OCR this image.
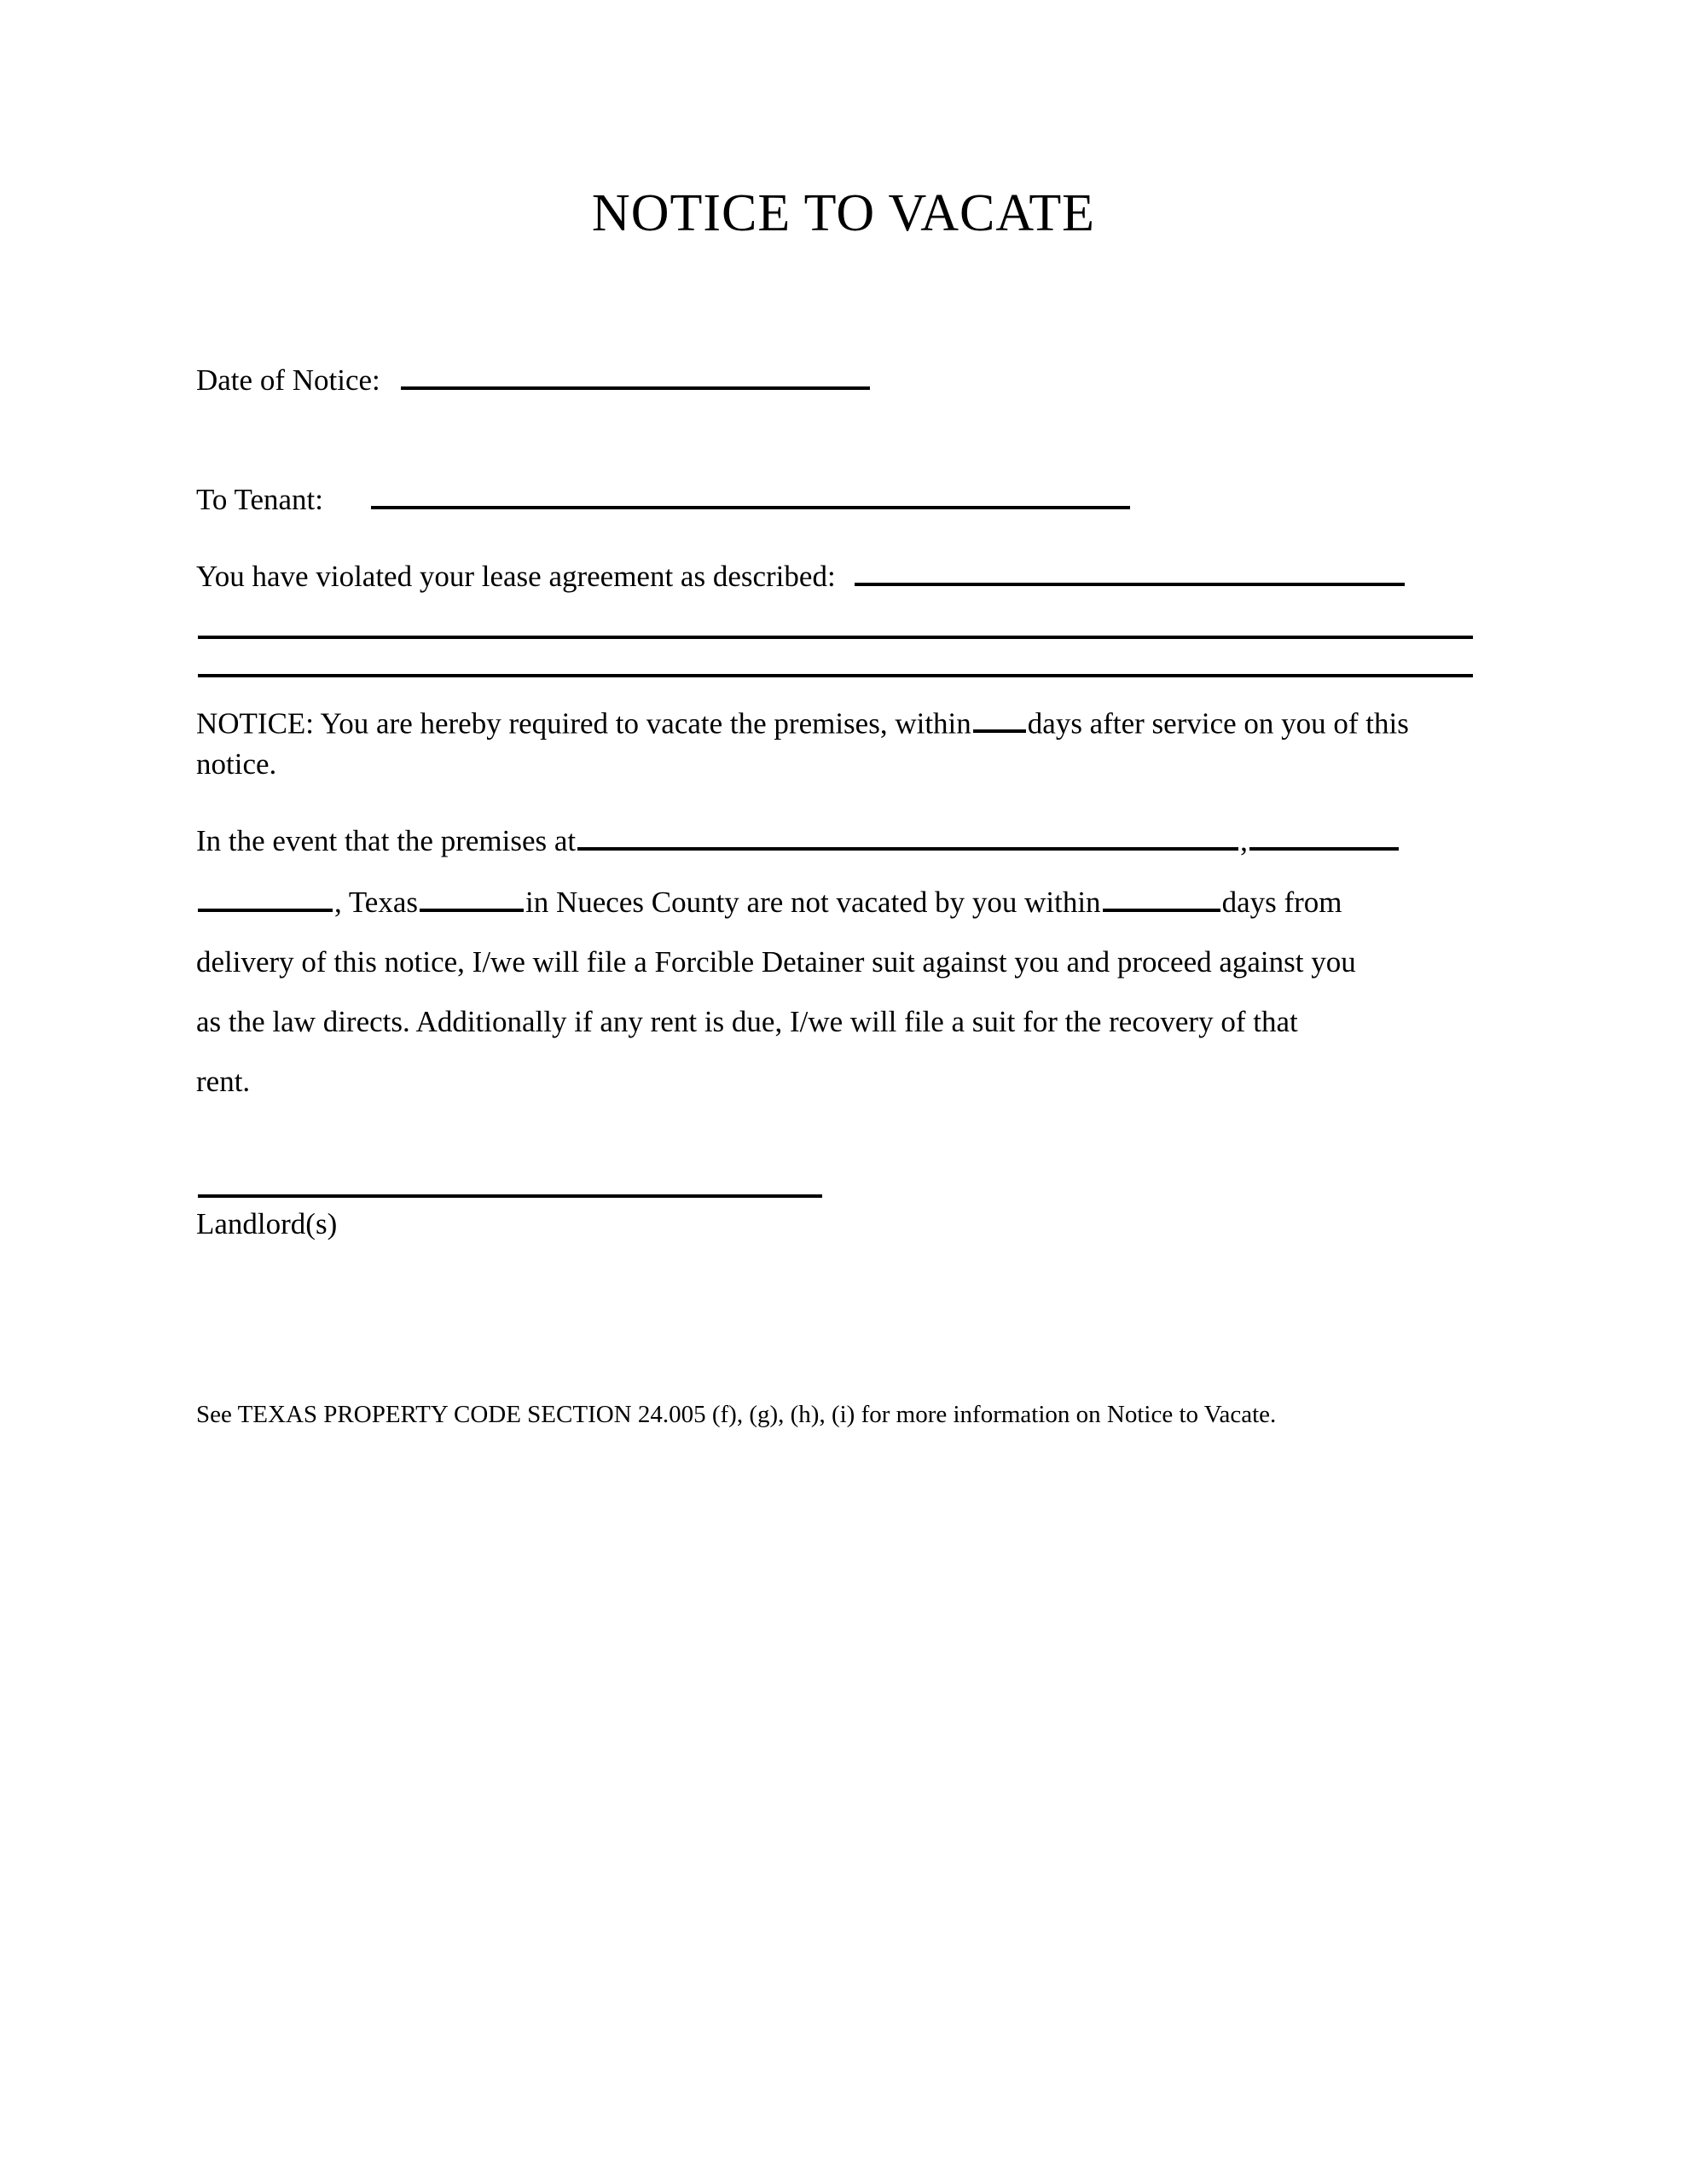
NOTICE TO VACATE
Date of Notice:
To Tenant:
You have violated your lease agreement as described:
NOTICE: You are hereby required to vacate the premises, within days after service on you of this notice.
In the event that the premises at	,
, Texas	in Nueces County are not vacated by you within	days from
delivery of this notice, I/we will file a Forcible Detainer suit against you and proceed against you
as the law directs. Additionally if any rent is due, I/we will file a suit for the recovery of that
rent.
Landlord(s)
See TEXAS PROPERTY CODE SECTION 24.005 (f), (g), (h), (i) for more information on Notice to Vacate.
